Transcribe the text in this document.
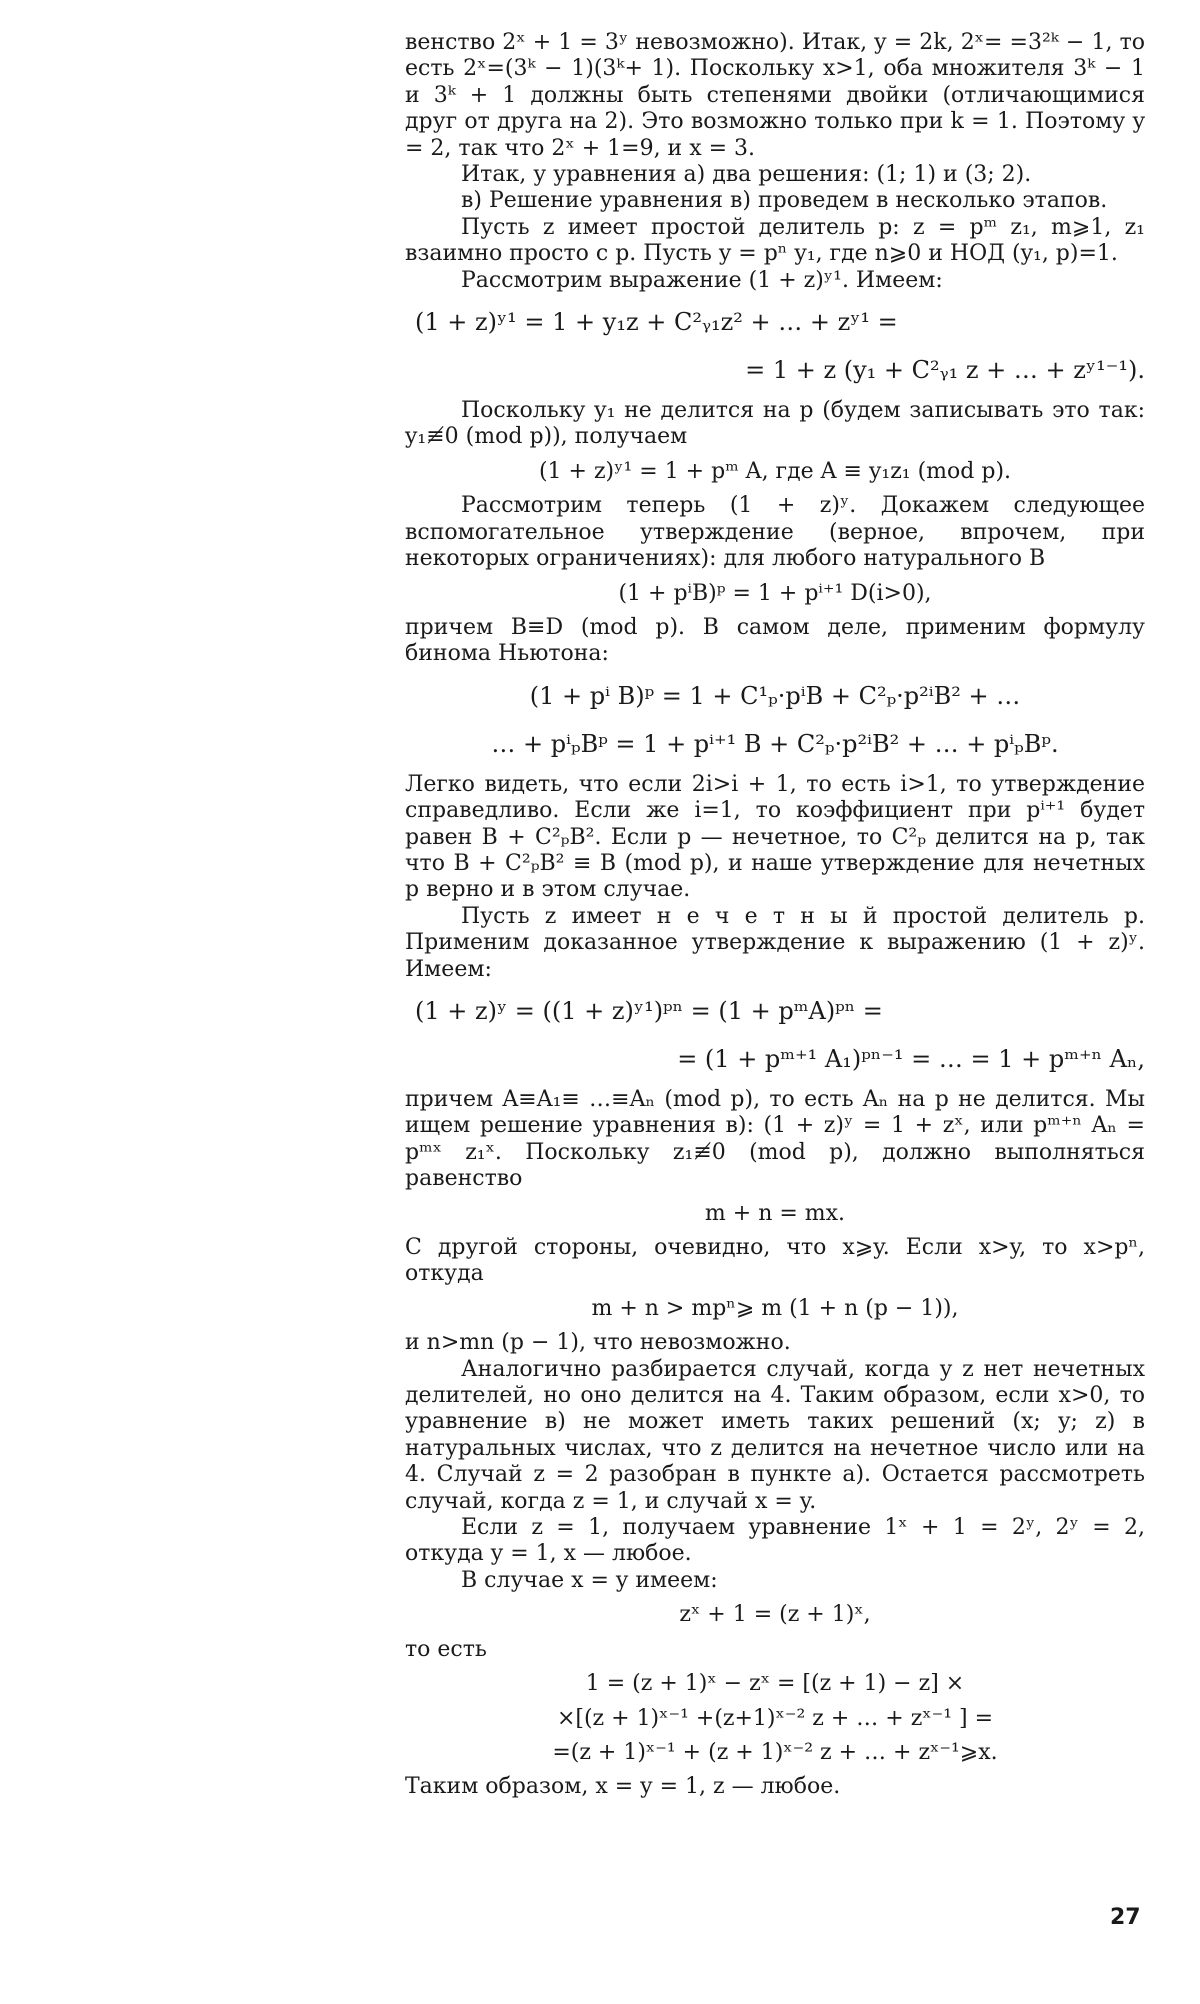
венство 2ˣ + 1 = 3ʸ невозможно). Итак, y = 2k, 2ˣ= =3²ᵏ − 1, то есть 2ˣ=(3ᵏ − 1)(3ᵏ+ 1). Поскольку x>1, оба множителя 3ᵏ − 1 и 3ᵏ + 1 должны быть степенями двойки (отличающимися друг от друга на 2). Это возможно только при k = 1. Поэтому y = 2, так что 2ˣ + 1=9, и x = 3.
Итак, у уравнения а) два решения: (1; 1) и (3; 2).
в) Решение уравнения в) проведем в несколько этапов.
Пусть z имеет простой делитель p: z = pᵐ z₁, m⩾1, z₁ взаимно просто с p. Пусть y = pⁿ y₁, где n⩾0 и НОД (y₁, p)=1.
Рассмотрим выражение (1 + z)ʸ¹. Имеем:
(1 + z)ʸ¹ = 1 + y₁z + C²ᵧ₁z² + … + zʸ¹ =
= 1 + z (y₁ + C²ᵧ₁ z + … + zʸ¹⁻¹).
Поскольку y₁ не делится на p (будем записывать это так: y₁≢0 (mod p)), получаем
(1 + z)ʸ¹ = 1 + pᵐ A, где A ≡ y₁z₁ (mod p).
Рассмотрим теперь (1 + z)ʸ. Докажем следующее вспомогательное утверждение (верное, впрочем, при некоторых ограничениях): для любого натурального B
(1 + pⁱB)ᵖ = 1 + pⁱ⁺¹ D(i>0),
причем B≡D (mod p). В самом деле, применим формулу бинома Ньютона:
(1 + pⁱ B)ᵖ = 1 + C¹ₚ·pⁱB + C²ₚ·p²ⁱB² + …
… + pⁱₚBᵖ = 1 + pⁱ⁺¹ B + C²ₚ·p²ⁱB² + … + pⁱₚBᵖ.
Легко видеть, что если 2i>i + 1, то есть i>1, то утверждение справедливо. Если же i=1, то коэффициент при pⁱ⁺¹ будет равен B + C²ₚB². Если p — нечетное, то C²ₚ делится на p, так что B + C²ₚB² ≡ B (mod p), и наше утверждение для нечетных p верно и в этом случае.
Пусть z имеет н е ч е т н ы й простой делитель p. Применим доказанное утверждение к выражению (1 + z)ʸ. Имеем:
(1 + z)ʸ = ((1 + z)ʸ¹)ᵖⁿ = (1 + pᵐA)ᵖⁿ =
= (1 + pᵐ⁺¹ A₁)ᵖⁿ⁻¹ = … = 1 + pᵐ⁺ⁿ Aₙ,
причем A≡A₁≡ …≡Aₙ (mod p), то есть Aₙ на p не делится. Мы ищем решение уравнения в): (1 + z)ʸ = 1 + zˣ, или pᵐ⁺ⁿ Aₙ = pᵐˣ z₁ˣ. Поскольку z₁≢0 (mod p), должно выполняться равенство
m + n = mx.
С другой стороны, очевидно, что x⩾y. Если x>y, то x>pⁿ, откуда
m + n > mpⁿ⩾ m (1 + n (p − 1)),
и n>mn (p − 1), что невозможно.
Аналогично разбирается случай, когда у z нет нечетных делителей, но оно делится на 4. Таким образом, если x>0, то уравнение в) не может иметь таких решений (x; y; z) в натуральных числах, что z делится на нечетное число или на 4. Случай z = 2 разобран в пункте а). Остается рассмотреть случай, когда z = 1, и случай x = y.
Если z = 1, получаем уравнение 1ˣ + 1 = 2ʸ, 2ʸ = 2, откуда y = 1, x — любое.
В случае x = y имеем:
zˣ + 1 = (z + 1)ˣ,
то есть
1 = (z + 1)ˣ − zˣ = [(z + 1) − z] ×
×[(z + 1)ˣ⁻¹ +(z+1)ˣ⁻² z + … + zˣ⁻¹ ] =
=(z + 1)ˣ⁻¹ + (z + 1)ˣ⁻² z + … + zˣ⁻¹⩾x.
Таким образом, x = y = 1, z — любое.
27
